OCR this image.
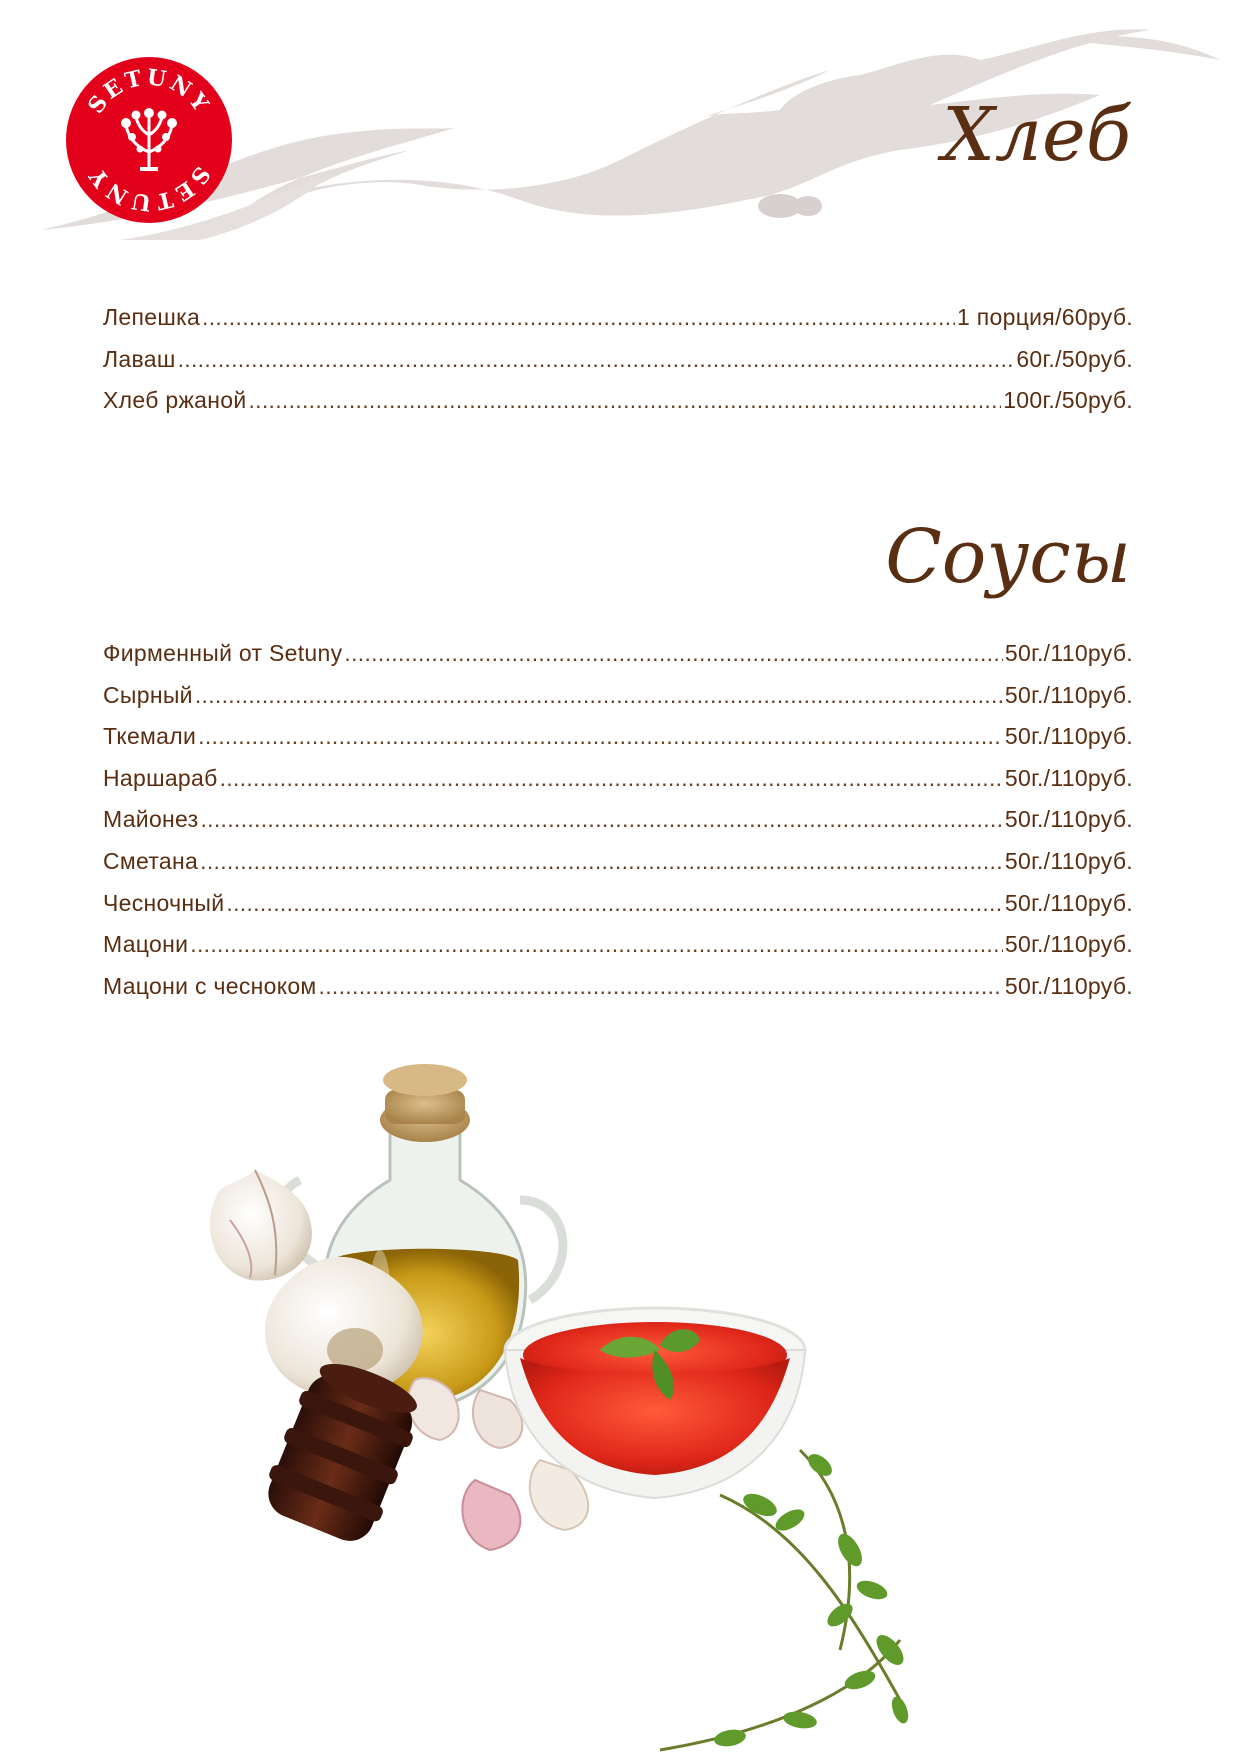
SETUNY
SETUNY	Хлеб
Лепешка .....	1 порция/60руб.
Лаваш .....	60г./50руб.
Хлеб ржаной .....	100г./50руб.
Соусы
Фирменный от Setuny .....	50г./110руб.
Сырный .....	50г./110руб.
Ткемали .....	50г./110руб.
Наршараб .....	50г./110руб.
Майонез .....	50г./110руб.
Сметана .....	50г./110руб.
Чесночный .....	50г./110руб.
Мацони .....	50г./110руб.
Мацони с чесноком .....	50г./110руб.
